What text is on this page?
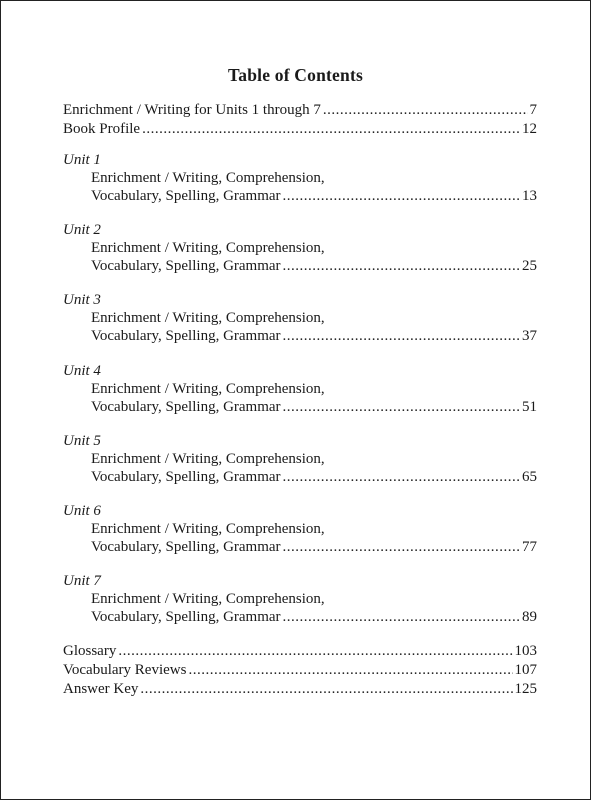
Table of Contents
Enrichment / Writing for Units 1 through 7 .....	7
Book Profile .....	12
Unit 1
Enrichment / Writing, Comprehension,
Vocabulary, Spelling, Grammar .....	13
Unit 2
Enrichment / Writing, Comprehension,
Vocabulary, Spelling, Grammar .....	25
Unit 3
Enrichment / Writing, Comprehension,
Vocabulary, Spelling, Grammar .....	37
Unit 4
Enrichment / Writing, Comprehension,
Vocabulary, Spelling, Grammar .....	51
Unit 5
Enrichment / Writing, Comprehension,
Vocabulary, Spelling, Grammar .....	65
Unit 6
Enrichment / Writing, Comprehension,
Vocabulary, Spelling, Grammar .....	77
Unit 7
Enrichment / Writing, Comprehension,
Vocabulary, Spelling, Grammar .....	89
Glossary .....	103
Vocabulary Reviews .....	107
Answer Key .....	125
